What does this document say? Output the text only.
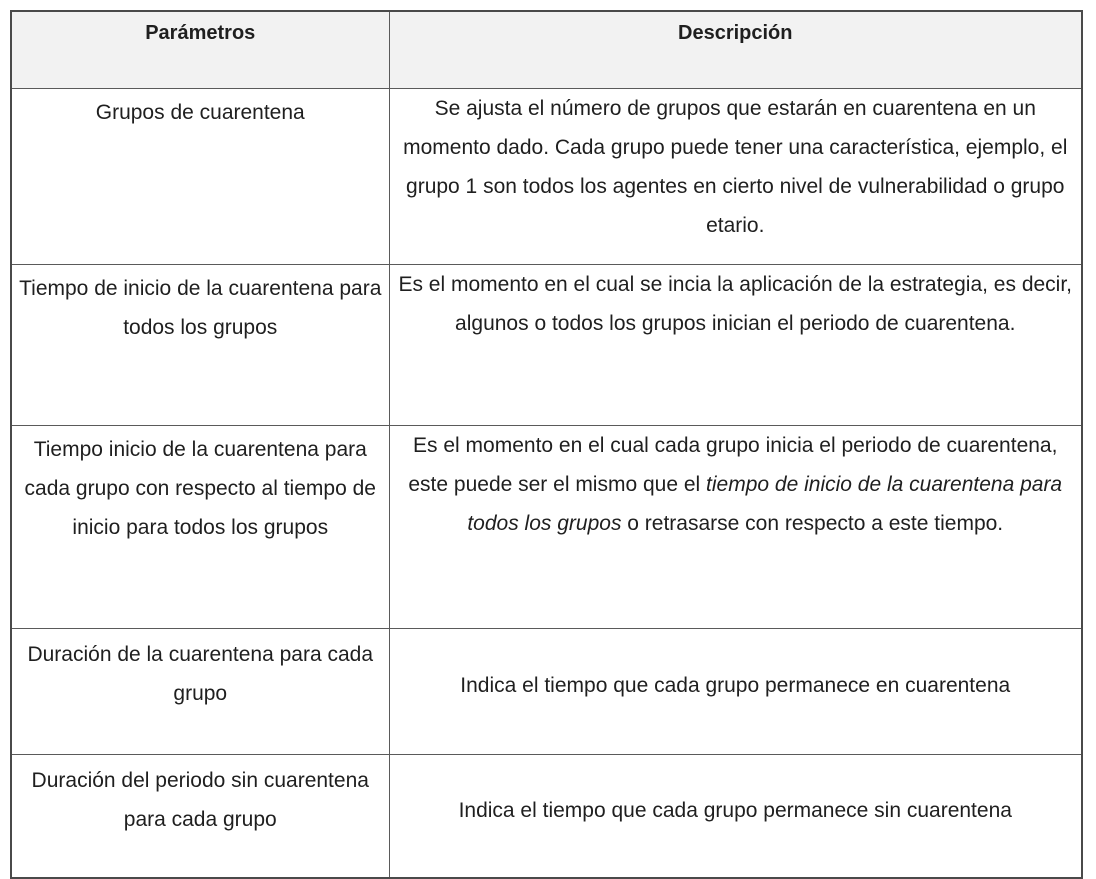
Parámetros	Descripción
Grupos de cuarentena	Se ajusta el número de grupos que estarán en cuarentena en un momento dado. Cada grupo puede tener una característica, ejemplo, el grupo 1 son todos los agentes en cierto nivel de vulnerabilidad o grupo etario.
Tiempo de inicio de la cuarentena para todos los grupos	Es el momento en el cual se incia la aplicación de la estrategia, es decir, algunos o todos los grupos inician el periodo de cuarentena.
Tiempo inicio de la cuarentena para cada grupo con respecto al tiempo de inicio para todos los grupos	Es el momento en el cual cada grupo inicia el periodo de cuarentena, este puede ser el mismo que el tiempo de inicio de la cuarentena para todos los grupos o retrasarse con respecto a este tiempo.
Duración de la cuarentena para cada grupo	Indica el tiempo que cada grupo permanece en cuarentena
Duración del periodo sin cuarentena para cada grupo	Indica el tiempo que cada grupo permanece sin cuarentena
